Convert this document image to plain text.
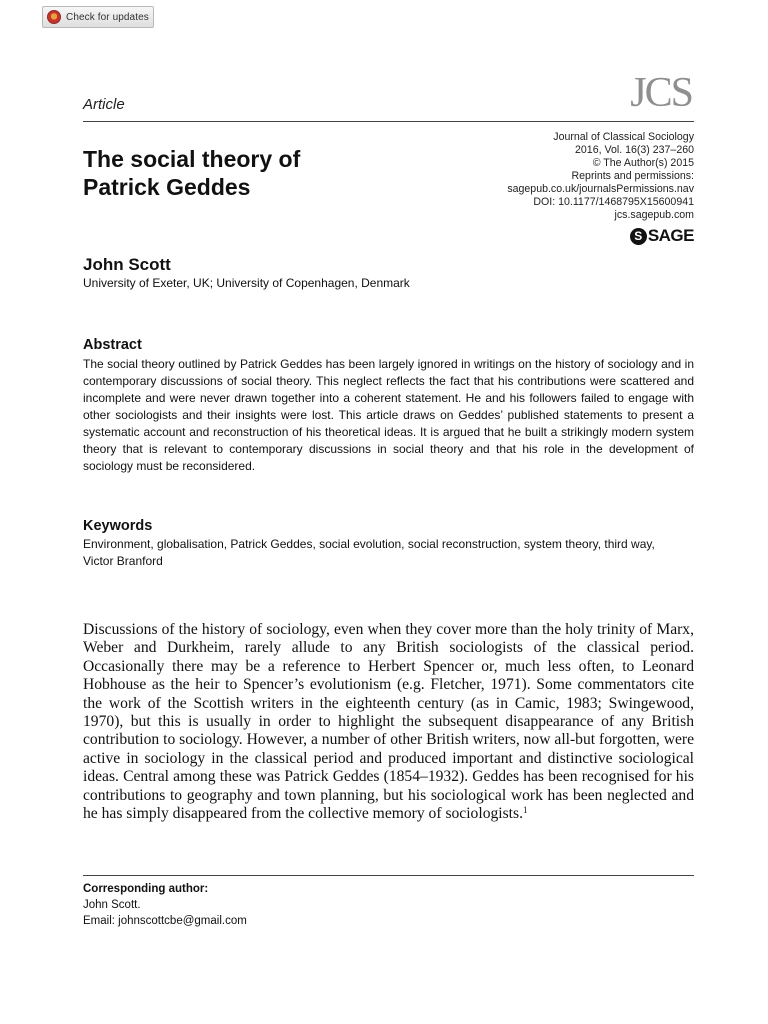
Check for updates
Article	JCS
The social theory of
Patrick Geddes
Journal of Classical Sociology
2016, Vol. 16(3) 237–260
© The Author(s) 2015
Reprints and permissions:
sagepub.co.uk/journalsPermissions.nav
DOI: 10.1177/1468795X15600941
jcs.sagepub.com
S SAGE
John Scott
University of Exeter, UK; University of Copenhagen, Denmark
Abstract

The social theory outlined by Patrick Geddes has been largely ignored in writings on the history of sociology and in contemporary discussions of social theory. This neglect reflects the fact that his contributions were scattered and incomplete and were never drawn together into a coherent statement. He and his followers failed to engage with other sociologists and their insights were lost. This article draws on Geddes’ published statements to present a systematic account and reconstruction of his theoretical ideas. It is argued that he built a strikingly modern system theory that is relevant to contemporary discussions in social theory and that his role in the development of sociology must be reconsidered.

Keywords

Environment, globalisation, Patrick Geddes, social evolution, social reconstruction, system theory, third way, Victor Branford

Discussions of the history of sociology, even when they cover more than the holy trinity of Marx, Weber and Durkheim, rarely allude to any British sociologists of the classical period. Occasionally there may be a reference to Herbert Spencer or, much less often, to Leonard Hobhouse as the heir to Spencer’s evolutionism (e.g. Fletcher, 1971). Some commentators cite the work of the Scottish writers in the eighteenth century (as in Camic, 1983; Swingewood, 1970), but this is usually in order to highlight the subsequent disappearance of any British contribution to sociology. However, a number of other British writers, now all-but forgotten, were active in sociology in the classical period and produced important and distinctive sociological ideas. Central among these was Patrick Geddes (1854–1932). Geddes has been recognised for his contributions to geography and town planning, but his sociological work has been neglected and he has simply disappeared from the collective memory of sociologists.$^1$

Corresponding author:
John Scott.
Email: johnscottcbe@gmail.com
